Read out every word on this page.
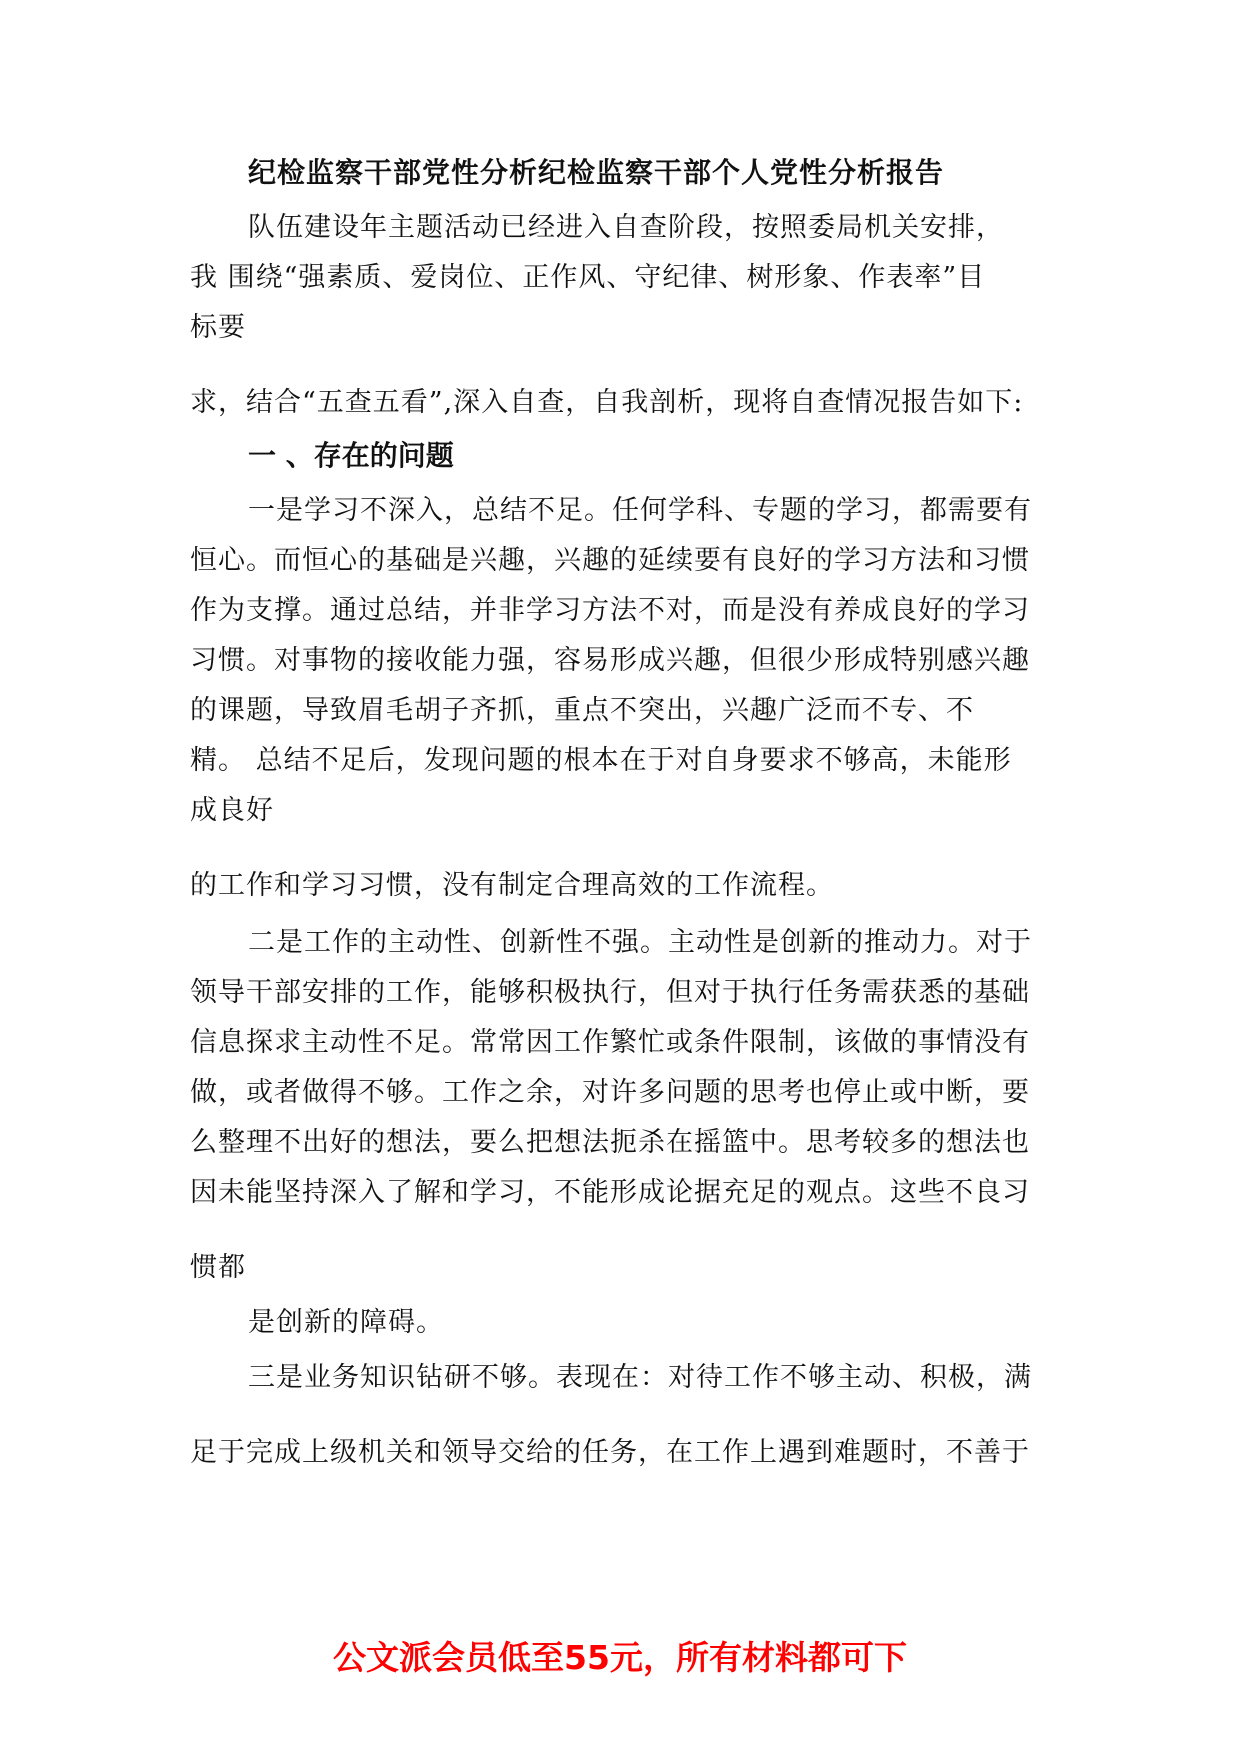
纪检监察干部党性分析纪检监察干部个人党性分析报告
队伍建设年主题活动已经进入自查阶段，按照委局机关安排，
我 围绕“强素质、爱岗位、正作风、守纪律、树形象、作表率”目
标要
求，结合“五查五看”,深入自查，自我剖析，现将自查情况报告如下:
一 、存在的问题
一是学习不深入，总结不足。任何学科、专题的学习，都需要有
恒心。而恒心的基础是兴趣，兴趣的延续要有良好的学习方法和习惯
作为支撑。通过总结，并非学习方法不对，而是没有养成良好的学习
习惯。对事物的接收能力强，容易形成兴趣，但很少形成特别感兴趣
的课题，导致眉毛胡子齐抓，重点不突出，兴趣广泛而不专、不
精。 总结不足后，发现问题的根本在于对自身要求不够高，未能形
成良好
的工作和学习习惯，没有制定合理高效的工作流程。
二是工作的主动性、创新性不强。主动性是创新的推动力。对于
领导干部安排的工作，能够积极执行，但对于执行任务需获悉的基础
信息探求主动性不足。常常因工作繁忙或条件限制，该做的事情没有
做，或者做得不够。工作之余，对许多问题的思考也停止或中断，要
么整理不出好的想法，要么把想法扼杀在摇篮中。思考较多的想法也
因未能坚持深入了解和学习，不能形成论据充足的观点。这些不良习
惯都
是创新的障碍。
三是业务知识钻研不够。表现在：对待工作不够主动、积极，满
足于完成上级机关和领导交给的任务，在工作上遇到难题时，不善于
公文派会员低至55元，所有材料都可下
